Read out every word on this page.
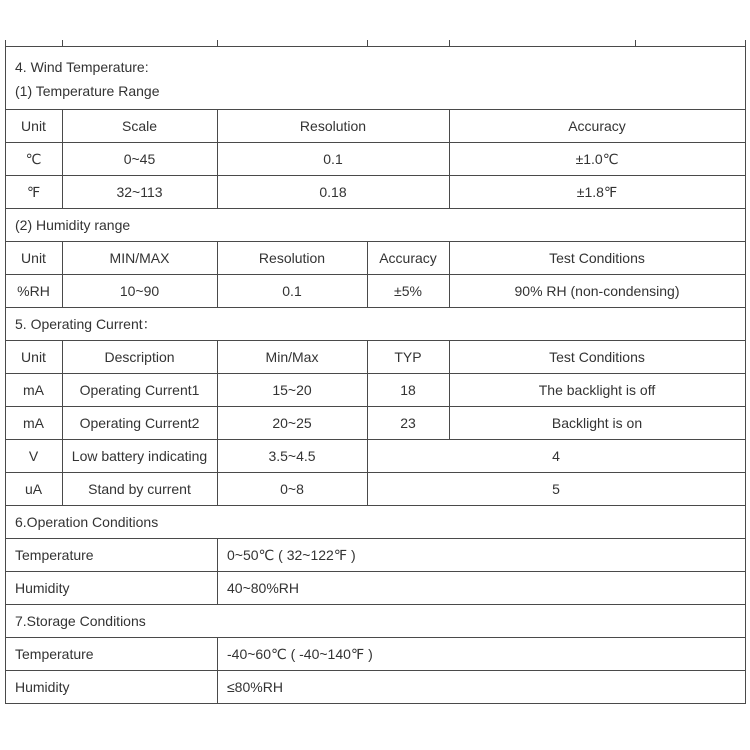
4. Wind Temperature:
(1) Temperature Range
Unit	Scale	Resolution	Accuracy
℃	0~45	0.1	±1.0℃
℉	32~113	0.18	±1.8℉
(2) Humidity range
Unit	MIN/MAX	Resolution	Accuracy	Test Conditions
%RH	10~90	0.1	±5%	90% RH (non-condensing)
5. Operating Current：
Unit	Description	Min/Max	TYP	Test Conditions
mA	Operating Current1	15~20	18	The backlight is off
mA	Operating Current2	20~25	23	Backlight is on
V	Low battery indicating	3.5~4.5	4
uA	Stand by current	0~8	5
6.Operation Conditions
Temperature	0~50℃ ( 32~122℉ )
Humidity	40~80%RH
7.Storage Conditions
Temperature	-40~60℃ ( -40~140℉ )
Humidity	≤80%RH
